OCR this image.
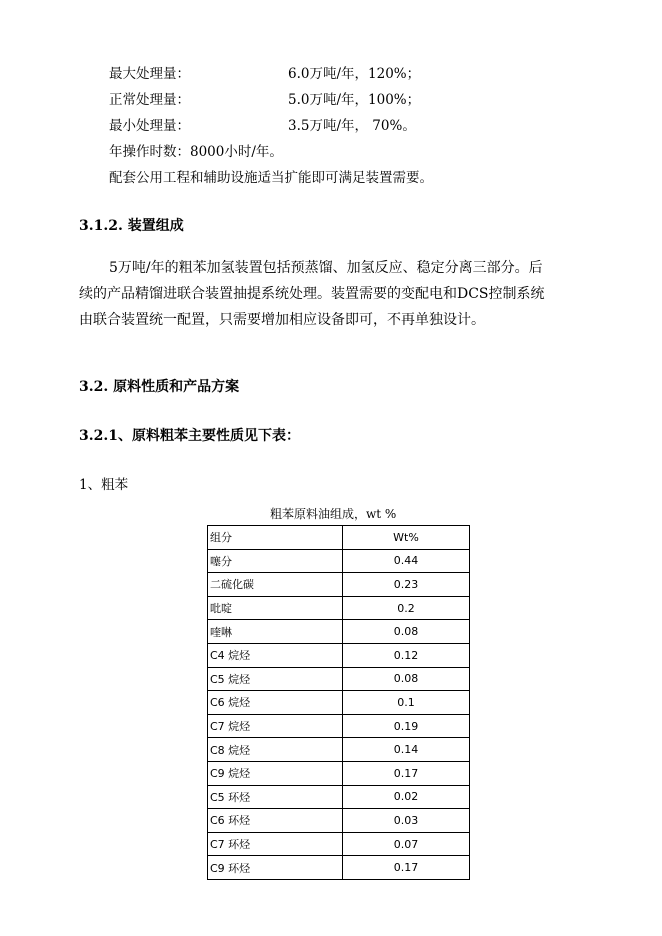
最大处理量：	6.0万吨/年，120%；
正常处理量：	5.0万吨/年，100%；
最小处理量：	3.5万吨/年， 70%。
年操作时数：8000小时/年。
配套公用工程和辅助设施适当扩能即可满足装置需要。
3.1.2. 装置组成
5万吨/年的粗苯加氢装置包括预蒸馏、加氢反应、稳定分离三部分。后
续的产品精馏进联合装置抽提系统处理。装置需要的变配电和DCS控制系统
由联合装置统一配置，只需要增加相应设备即可，不再单独设计。
3.2. 原料性质和产品方案
3.2.1、原料粗苯主要性质见下表：
1、粗苯
粗苯原料油组成，wt %
组分	Wt%
噻分	0.44
二硫化碳	0.23
吡啶	0.2
喹啉	0.08
C4 烷烃	0.12
C5 烷烃	0.08
C6 烷烃	0.1
C7 烷烃	0.19
C8 烷烃	0.14
C9 烷烃	0.17
C5 环烃	0.02
C6 环烃	0.03
C7 环烃	0.07
C9 环烃	0.17
